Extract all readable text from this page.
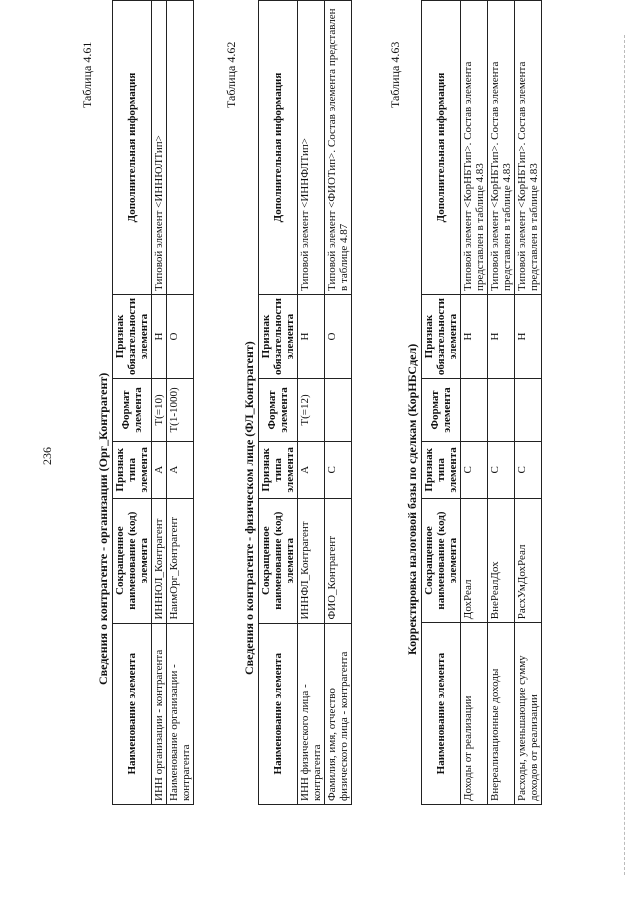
236
Таблица 4.61
Сведения о контрагенте - организации (Орг_Контрагент)
Наименование элемента	Сокращенное наименование (код) элемента	Признак типа элемента	Формат элемента	Признак обязательности элемента	Дополнительная информация
ИНН организации - контрагента	ИННЮЛ_Контрагент	А	T(=10)	Н	Типовой элемент <ИННЮЛТип>
Наименование организации - контрагента	НаимОрг_Контрагент	А	T(1-1000)	О	
Таблица 4.62
Сведения о контрагенте - физическом лице (ФЛ_Контрагент)
Наименование элемента	Сокращенное наименование (код) элемента	Признак типа элемента	Формат элемента	Признак обязательности элемента	Дополнительная информация
ИНН физического лица - контрагента	ИННФЛ_Контрагент	А	T(=12)	Н	Типовой элемент <ИННФЛТип>
Фамилия, имя, отчество физического лица - контрагента	ФИО_Контрагент	С		О	Типовой элемент <ФИОТип>. Состав элемента представлен в таблице 4.87
Таблица 4.63
Корректировка налоговой базы по сделкам (КорНБСдел)
Наименование элемента	Сокращенное наименование (код) элемента	Признак типа элемента	Формат элемента	Признак обязательности элемента	Дополнительная информация
Доходы от реализации	ДохРеал	С		Н	Типовой элемент <КорНБТип>. Состав элемента представлен в таблице 4.83
Внереализационные доходы	ВнеРеалДох	С		Н	Типовой элемент <КорНБТип>. Состав элемента представлен в таблице 4.83
Расходы, уменьшающие сумму доходов от реализации	РасхУмДохРеал	С		Н	Типовой элемент <КорНБТип>. Состав элемента представлен в таблице 4.83
